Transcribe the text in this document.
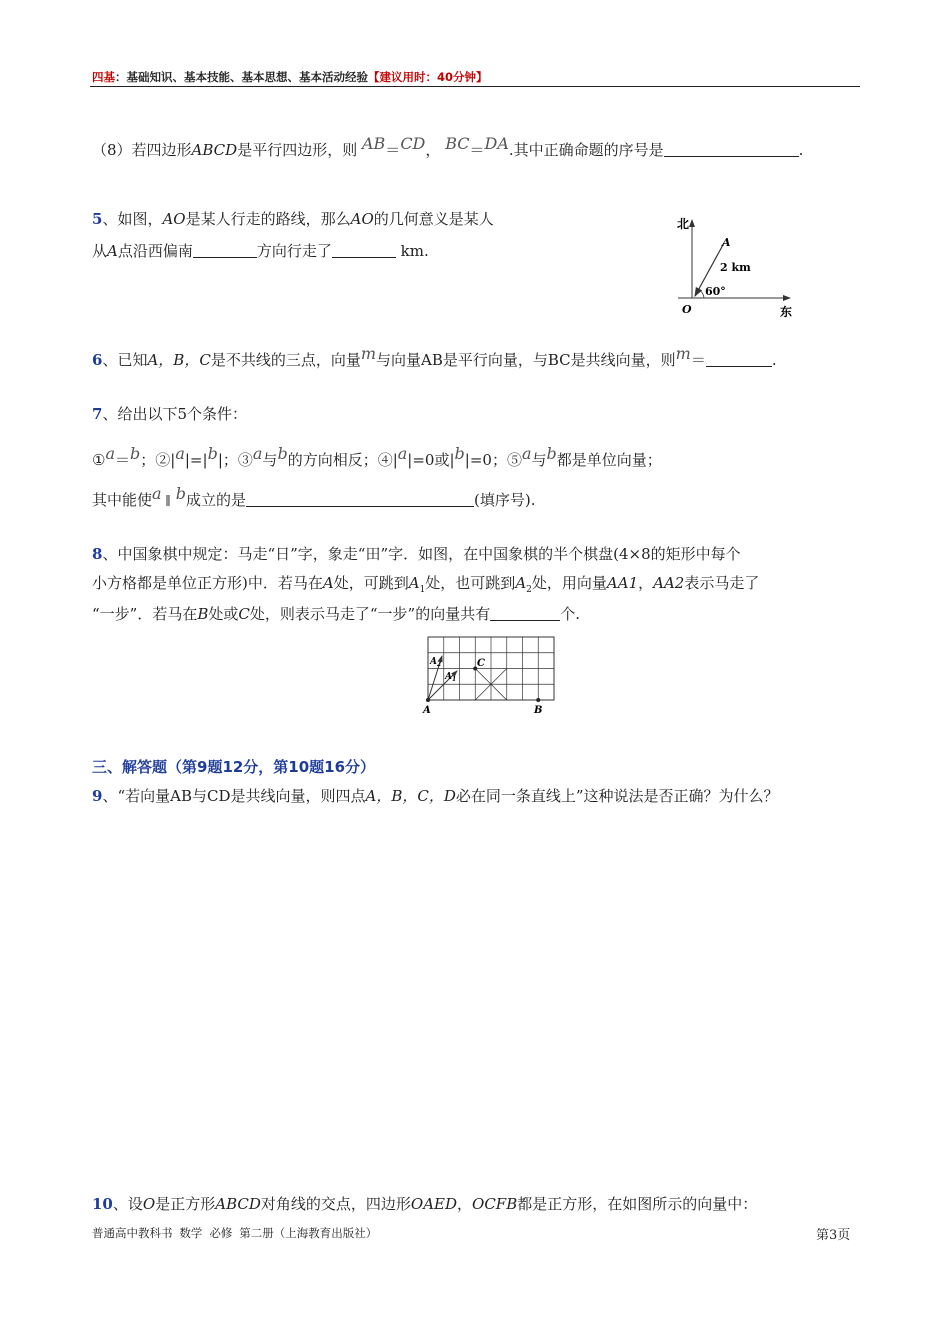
四基：基础知识、基本技能、基本思想、基本活动经验【建议用时：40分钟】
（8）若四边形ABCD是平行四边形，则 AB＝CD， BC＝DA.其中正确命题的序号是	.
5、如图，AO是某人行走的路线，那么AO的几何意义是某人
从A点沿西偏南	方向行走了	km.
北
东
O
A
2 km
60°
6、已知A，B，C是不共线的三点，向量m与向量AB是平行向量，与BC是共线向量，则m＝	.
7、给出以下5个条件：
①a＝b；②|a|=|b|；③a与b的方向相反；④|a|=0或|b|=0；⑤a与b都是单位向量；
其中能使a ∥ b成立的是	(填序号).
8、中国象棋中规定：马走“日”字，象走“田”字．如图，在中国象棋的半个棋盘(4×8的矩形中每个
小方格都是单位正方形)中．若马在A处，可跳到$A_1$处，也可跳到$A_2$处，用向量AA1，AA2表示马走了
“一步”．若马在B处或C处，则表示马走了“一步”的向量共有	个.
A	B
C
$A_2$
$A_1$
三、解答题（第9题12分，第10题16分）
9、“若向量AB与CD是共线向量，则四点A，B，C，D必在同一条直线上”这种说法是否正确？为什么？
10、设O是正方形ABCD对角线的交点，四边形OAED，OCFB都是正方形，在如图所示的向量中：
普通高中教科书 数学 必修 第二册（上海教育出版社）	第3页
